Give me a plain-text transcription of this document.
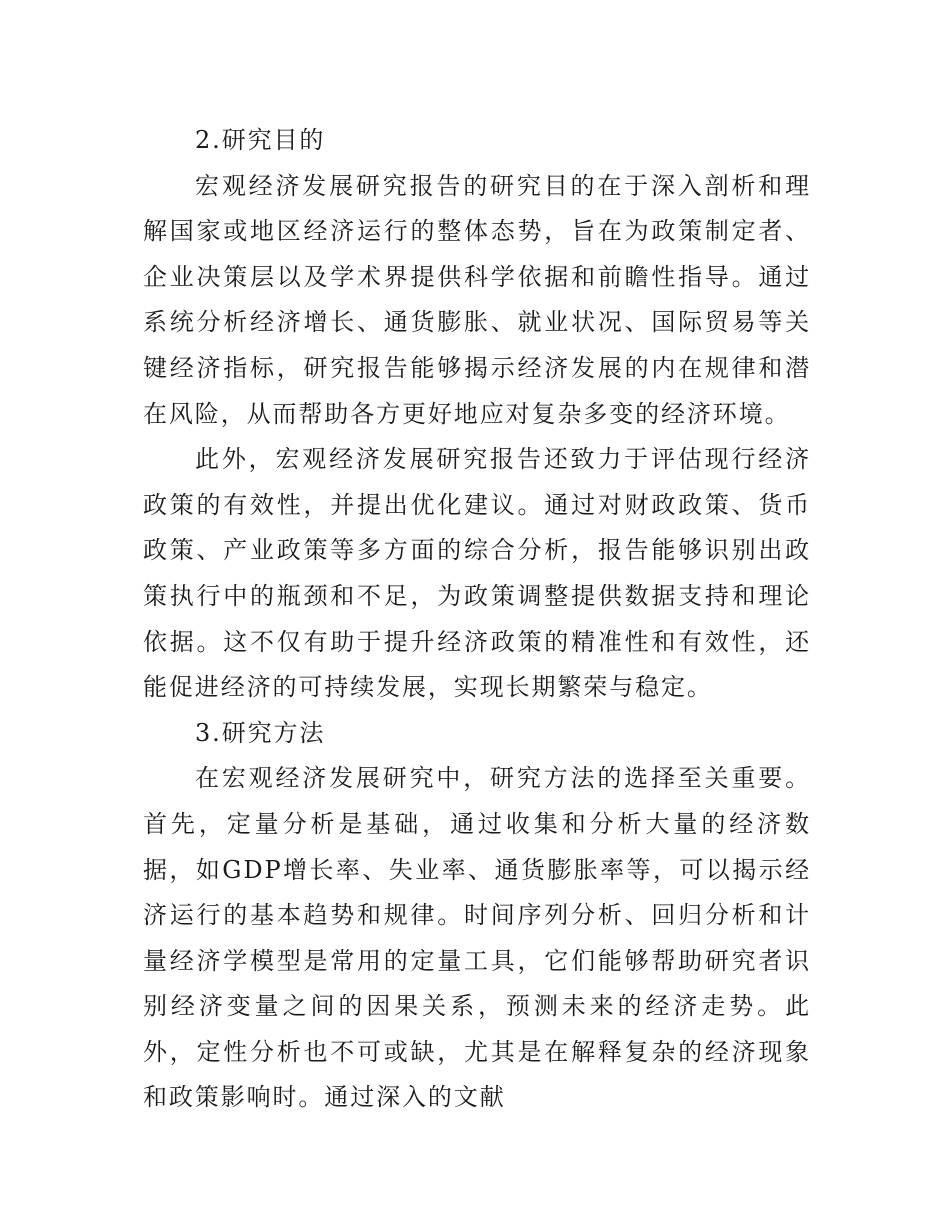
2.研究目的

宏观经济发展研究报告的研究目的在于深入剖析和理解国家或地区经济运行的整体态势，旨在为政策制定者、企业决策层以及学术界提供科学依据和前瞻性指导。通过系统分析经济增长、通货膨胀、就业状况、国际贸易等关键经济指标，研究报告能够揭示经济发展的内在规律和潜在风险，从而帮助各方更好地应对复杂多变的经济环境。

此外，宏观经济发展研究报告还致力于评估现行经济政策的有效性，并提出优化建议。通过对财政政策、货币政策、产业政策等多方面的综合分析，报告能够识别出政策执行中的瓶颈和不足，为政策调整提供数据支持和理论依据。这不仅有助于提升经济政策的精准性和有效性，还能促进经济的可持续发展，实现长期繁荣与稳定。

3.研究方法

在宏观经济发展研究中，研究方法的选择至关重要。首先，定量分析是基础，通过收集和分析大量的经济数据，如GDP增长率、失业率、通货膨胀率等，可以揭示经济运行的基本趋势和规律。时间序列分析、回归分析和计量经济学模型是常用的定量工具，它们能够帮助研究者识别经济变量之间的因果关系，预测未来的经济走势。此外，定性分析也不可或缺，尤其是在解释复杂的经济现象和政策影响时。通过深入的文献
